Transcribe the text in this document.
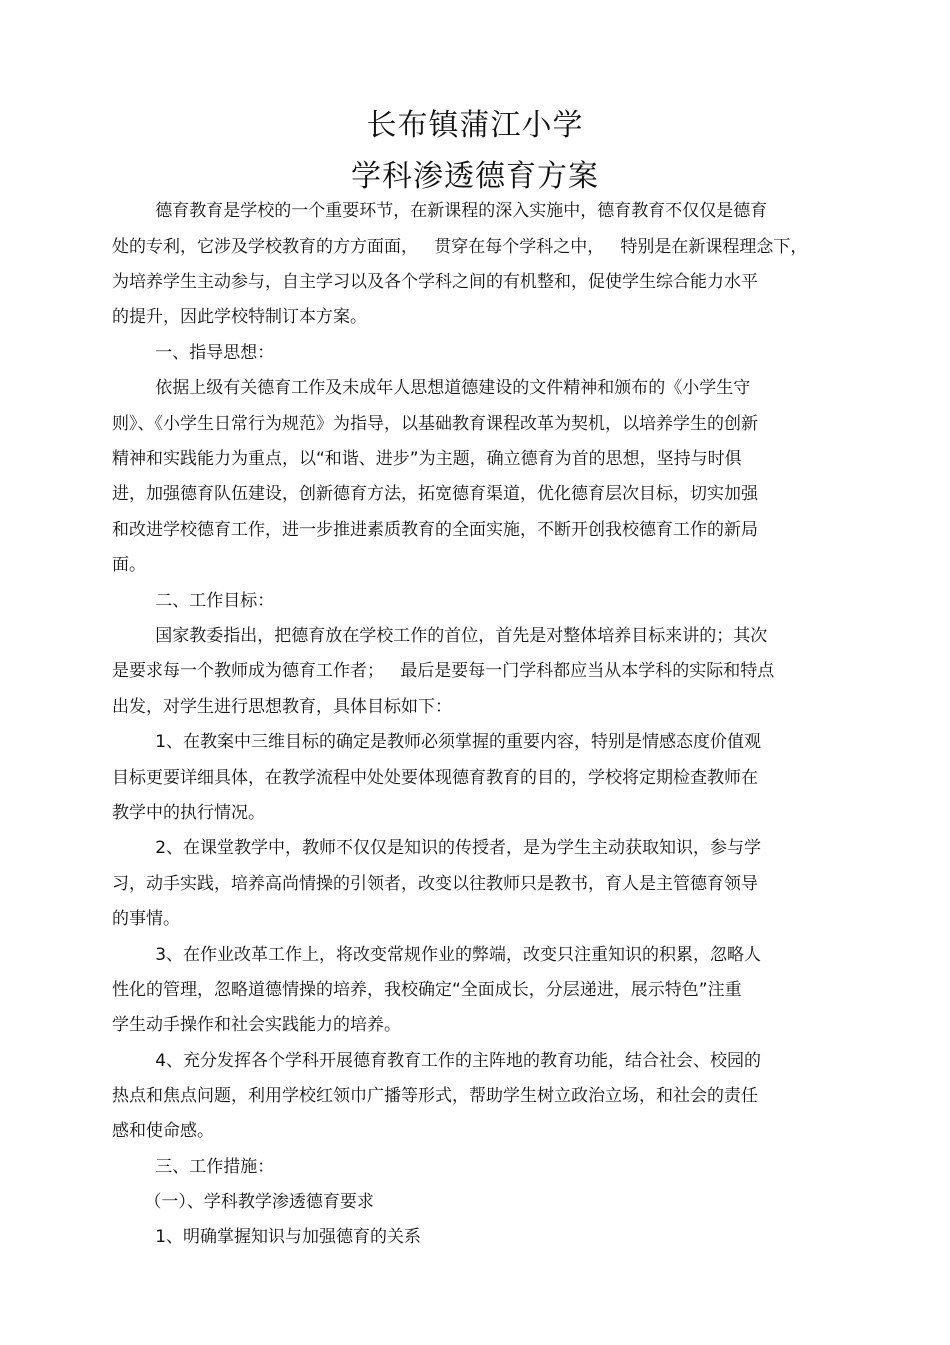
长布镇蒲江小学
学科渗透德育方案

德育教育是学校的一个重要环节，在新课程的深入实施中，德育教育不仅仅是德育

处的专利，它涉及学校教育的方方面面，   贯穿在每个学科之中，   特别是在新课程理念下，

为培养学生主动参与，自主学习以及各个学科之间的有机整和，促使学生综合能力水平

的提升，因此学校特制订本方案。

一、指导思想：

依据上级有关德育工作及未成年人思想道德建设的文件精神和颁布的《小学生守

则》、《小学生日常行为规范》为指导，以基础教育课程改革为契机，以培养学生的创新

精神和实践能力为重点，以“和谐、进步”为主题，确立德育为首的思想，坚持与时俱

进，加强德育队伍建设，创新德育方法，拓宽德育渠道，优化德育层次目标，切实加强

和改进学校德育工作，进一步推进素质教育的全面实施，不断开创我校德育工作的新局

面。

二、工作目标：

国家教委指出，把德育放在学校工作的首位，首先是对整体培养目标来讲的；其次

是要求每一个教师成为德育工作者；   最后是要每一门学科都应当从本学科的实际和特点

出发，对学生进行思想教育，具体目标如下：

1、在教案中三维目标的确定是教师必须掌握的重要内容，特别是情感态度价值观

目标更要详细具体，在教学流程中处处要体现德育教育的目的，学校将定期检查教师在

教学中的执行情况。

2、在课堂教学中，教师不仅仅是知识的传授者，是为学生主动获取知识，参与学

习，动手实践，培养高尚情操的引领者，改变以往教师只是教书，育人是主管德育领导

的事情。

3、在作业改革工作上，将改变常规作业的弊端，改变只注重知识的积累，忽略人

性化的管理，忽略道德情操的培养，我校确定“全面成长，分层递进，展示特色”注重

学生动手操作和社会实践能力的培养。

4、充分发挥各个学科开展德育教育工作的主阵地的教育功能，结合社会、校园的

热点和焦点问题，利用学校红领巾广播等形式，帮助学生树立政治立场，和社会的责任

感和使命感。

三、工作措施：

（一）、学科教学渗透德育要求

1、明确掌握知识与加强德育的关系
